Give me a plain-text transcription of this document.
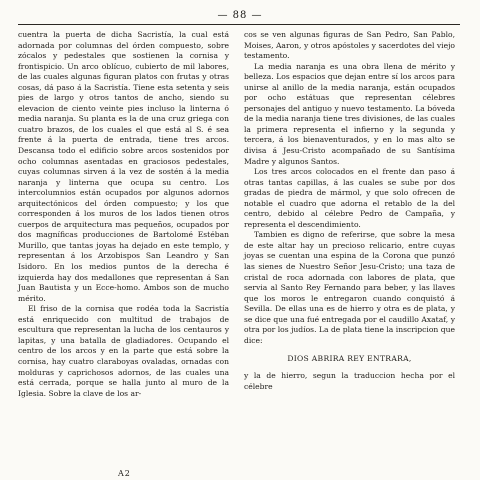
— 88 —

cuentra la puerta de dicha Sacristía, la cual está adornada por columnas del órden compuesto, sobre zócalos y pedestales que sostienen la cornisa y frontispicio. Un arco oblícuo, cubierto de mil labores, de las cuales algunas figuran platos con frutas y otras cosas, dá paso á la Sacristía. Tiene esta setenta y seis pies de largo y otros tantos de ancho, siendo su elevacion de ciento veinte pies incluso la linterna ó media naranja. Su planta es la de una cruz griega con cuatro brazos, de los cuales el que está al S. é sea frente á la puerta de entrada, tiene tres arcos. Descansa todo el edificio sobre arcos sostenidos por ocho columnas asentadas en graciosos pedestales, cuyas columnas sirven á la vez de sostén á la media naranja y linterna que ocupa su centro. Los intercolumnios están ocupados por algunos adornos arquitectónicos del órden compuesto; y los que corresponden á los muros de los lados tienen otros cuerpos de arquitectura mas pequeños, ocupados por dos magníficas producciones de Bartolomé Estéban Murillo, que tantas joyas ha dejado en este templo, y representan á los Arzobispos San Leandro y San Isidoro. En los medios puntos de la derecha é izquierda hay dos medallones que representan á San Juan Bautista y un Ecce-homo. Ambos son de mucho mérito.

El friso de la cornisa que rodéa toda la Sacristía está enriquecido con multitud de trabajos de escultura que representan la lucha de los centauros y lapitas, y una batalla de gladiadores. Ocupando el centro de los arcos y en la parte que está sobre la cornisa, hay cuatro claraboyas ovaladas, ornadas con molduras y caprichosos adornos, de las cuales una está cerrada, porque se halla junto al muro de la Iglesia. Sobre la clave de los ar-

cos se ven algunas figuras de San Pedro, San Pablo, Moises, Aaron, y otros apóstoles y sacerdotes del viejo testamento.

La media naranja es una obra llena de mérito y belleza. Los espacios que dejan entre sí los arcos para unirse al anillo de la media naranja, están ocupados por ocho estátuas que representan célebres personajes del antiguo y nuevo testamento. La bóveda de la media naranja tiene tres divisiones, de las cuales la primera representa el infierno y la segunda y tercera, á los bienaventurados, y en lo mas alto se divisa á Jesu-Cristo acompañado de su Santísima Madre y algunos Santos.

Los tres arcos colocados en el frente dan paso á otras tantas capillas, á las cuales se sube por dos gradas de piedra de mármol, y que solo ofrecen de notable el cuadro que adorna el retablo de la del centro, debido al célebre Pedro de Campaña, y representa el descendimiento.

Tambien es digno de referirse, que sobre la mesa de este altar hay un precioso relicario, entre cuyas joyas se cuentan una espina de la Corona que punzó las sienes de Nuestro Señor Jesu-Cristo; una taza de cristal de roca adornada con labores de plata, que servia al Santo Rey Fernando para beber, y las llaves que los moros le entregaron cuando conquistó á Sevilla. De ellas una es de hierro y otra es de plata, y se dice que una fué entregada por el caudillo Axataf, y otra por los judíos. La de plata tiene la inscripcion que dice:

DIOS ABRIRA REY ENTRARA,

y la de hierro, segun la traduccion hecha por el célebre

A2
